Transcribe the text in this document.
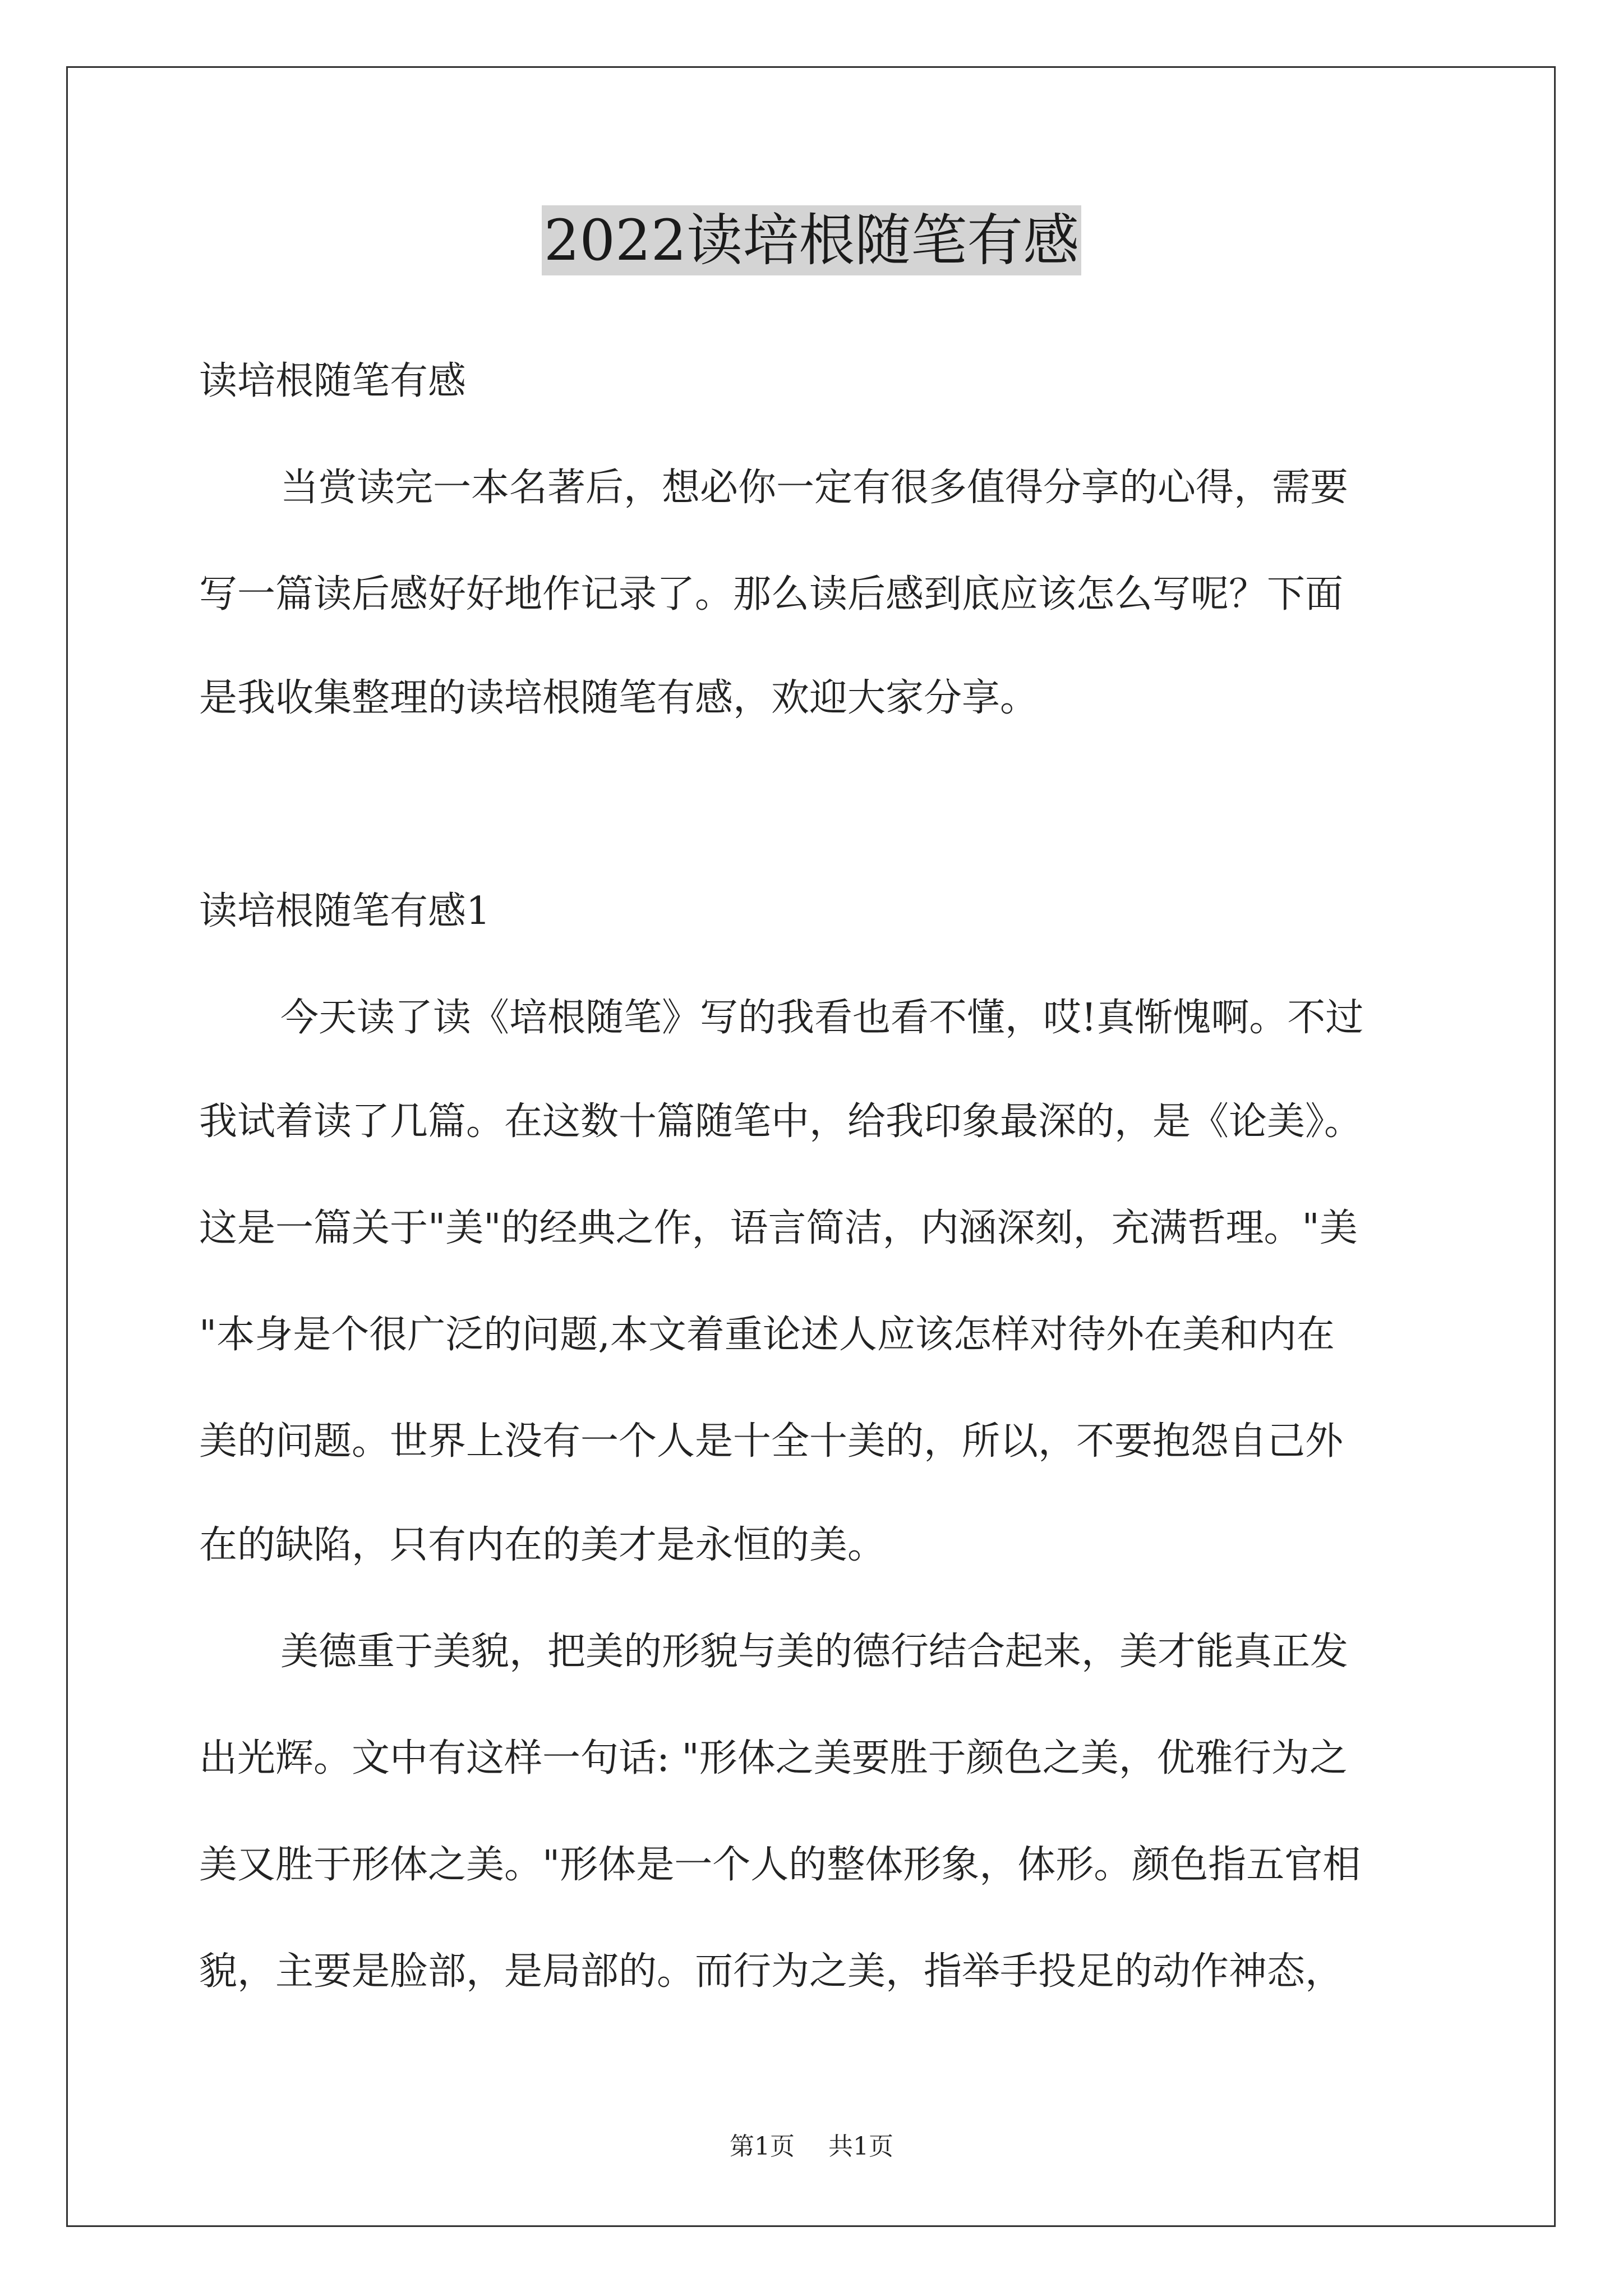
2022读培根随笔有感
读培根随笔有感
当赏读完一本名著后，想必你一定有很多值得分享的心得，需要
写一篇读后感好好地作记录了。那么读后感到底应该怎么写呢？下面
是我收集整理的读培根随笔有感，欢迎大家分享。
读培根随笔有感1
今天读了读《培根随笔》写的我看也看不懂，哎!真惭愧啊。不过
我试着读了几篇。在这数十篇随笔中，给我印象最深的，是《论美》。
这是一篇关于"美"的经典之作，语言简洁，内涵深刻，充满哲理。"美
"本身是个很广泛的问题,本文着重论述人应该怎样对待外在美和内在
美的问题。世界上没有一个人是十全十美的，所以，不要抱怨自己外
在的缺陷，只有内在的美才是永恒的美。
美德重于美貌，把美的形貌与美的德行结合起来，美才能真正发
出光辉。文中有这样一句话: "形体之美要胜于颜色之美，优雅行为之
美又胜于形体之美。"形体是一个人的整体形象，体形。颜色指五官相
貌，主要是脸部，是局部的。而行为之美，指举手投足的动作神态，
第1页 共1页
